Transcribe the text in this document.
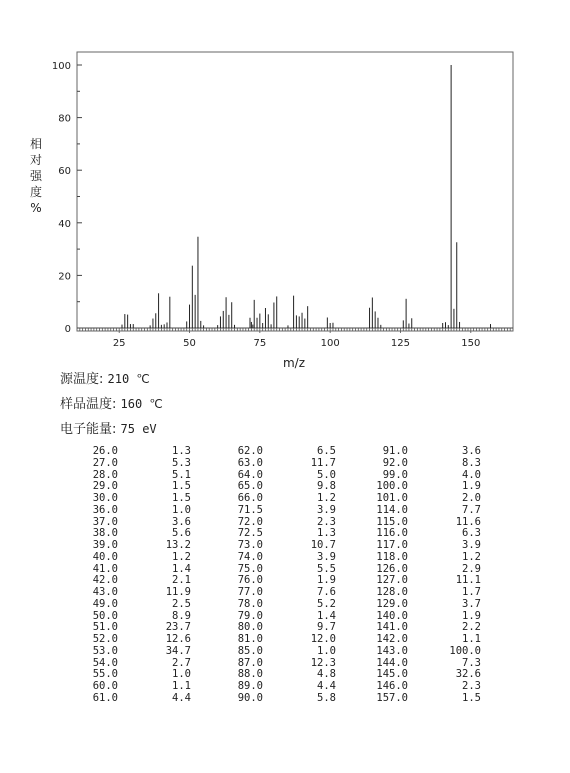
0
20
40
60
80
100
25	50	75	100	125	150
m/z
相对强度%
源温度: 210 ℃
样品温度: 160 ℃
电子能量: 75 eV
26.0	1.3		62.0	6.5		91.0	3.6
27.0	5.3		63.0	11.7		92.0	8.3
28.0	5.1		64.0	5.0		99.0	4.0
29.0	1.5		65.0	9.8		100.0	1.9
30.0	1.5		66.0	1.2		101.0	2.0
36.0	1.0		71.5	3.9		114.0	7.7
37.0	3.6		72.0	2.3		115.0	11.6
38.0	5.6		72.5	1.3		116.0	6.3
39.0	13.2		73.0	10.7		117.0	3.9
40.0	1.2		74.0	3.9		118.0	1.2
41.0	1.4		75.0	5.5		126.0	2.9
42.0	2.1		76.0	1.9		127.0	11.1
43.0	11.9		77.0	7.6		128.0	1.7
49.0	2.5		78.0	5.2		129.0	3.7
50.0	8.9		79.0	1.4		140.0	1.9
51.0	23.7		80.0	9.7		141.0	2.2
52.0	12.6		81.0	12.0		142.0	1.1
53.0	34.7		85.0	1.0		143.0	100.0
54.0	2.7		87.0	12.3		144.0	7.3
55.0	1.0		88.0	4.8		145.0	32.6
60.0	1.1		89.0	4.4		146.0	2.3
61.0	4.4		90.0	5.8		157.0	1.5
